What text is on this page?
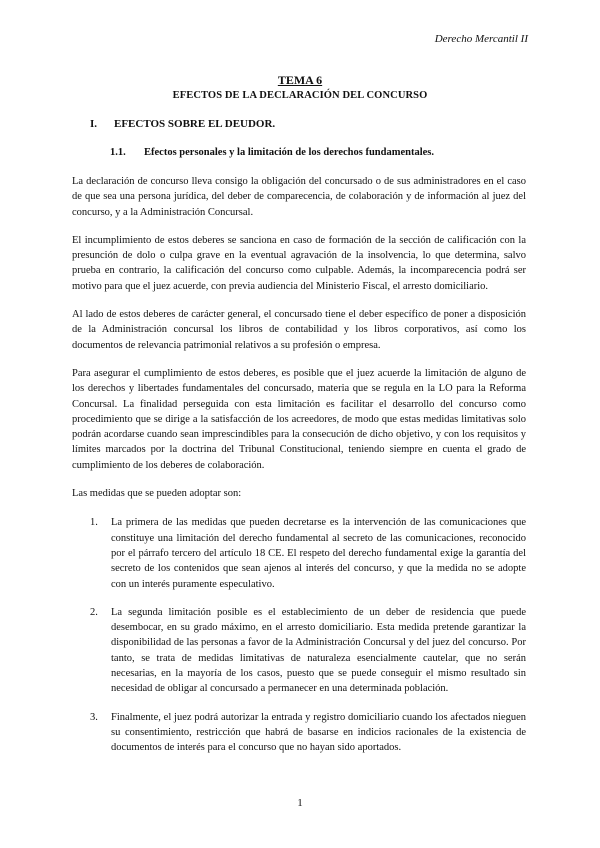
Derecho Mercantil II
TEMA 6
EFECTOS DE LA DECLARACIÓN DEL CONCURSO
I. EFECTOS SOBRE EL DEUDOR.
1.1. Efectos personales y la limitación de los derechos fundamentales.

La declaración de concurso lleva consigo la obligación del concursado o de sus administradores en el caso de que sea una persona jurídica, del deber de comparecencia, de colaboración y de información al juez del concurso, y a la Administración Concursal.

El incumplimiento de estos deberes se sanciona en caso de formación de la sección de calificación con la presunción de dolo o culpa grave en la eventual agravación de la insolvencia, lo que determina, salvo prueba en contrario, la calificación del concurso como culpable. Además, la incomparecencia podrá ser motivo para que el juez acuerde, con previa audiencia del Ministerio Fiscal, el arresto domiciliario.

Al lado de estos deberes de carácter general, el concursado tiene el deber específico de poner a disposición de la Administración concursal los libros de contabilidad y los libros corporativos, así como los documentos de relevancia patrimonial relativos a su profesión o empresa.

Para asegurar el cumplimiento de estos deberes, es posible que el juez acuerde la limitación de alguno de los derechos y libertades fundamentales del concursado, materia que se regula en la LO para la Reforma Concursal. La finalidad perseguida con esta limitación es facilitar el desarrollo del concurso como procedimiento que se dirige a la satisfacción de los acreedores, de modo que estas medidas limitativas solo podrán acordarse cuando sean imprescindibles para la consecución de dicho objetivo, y con los requisitos y límites marcados por la doctrina del Tribunal Constitucional, teniendo siempre en cuenta el grado de cumplimiento de los deberes de colaboración.

Las medidas que se pueden adoptar son:

1. La primera de las medidas que pueden decretarse es la intervención de las comunicaciones que constituye una limitación del derecho fundamental al secreto de las comunicaciones, reconocido por el párrafo tercero del artículo 18 CE. El respeto del derecho fundamental exige la garantía del secreto de los contenidos que sean ajenos al interés del concurso, y que la medida no se adopte con un interés puramente especulativo.
2. La segunda limitación posible es el establecimiento de un deber de residencia que puede desembocar, en su grado máximo, en el arresto domiciliario. Esta medida pretende garantizar la disponibilidad de las personas a favor de la Administración Concursal y del juez del concurso. Por tanto, se trata de medidas limitativas de naturaleza esencialmente cautelar, que no serán necesarias, en la mayoría de los casos, puesto que se puede conseguir el mismo resultado sin necesidad de obligar al concursado a permanecer en una determinada población.
3. Finalmente, el juez podrá autorizar la entrada y registro domiciliario cuando los afectados nieguen su consentimiento, restricción que habrá de basarse en indicios racionales de la existencia de documentos de interés para el concurso que no hayan sido aportados.
1
